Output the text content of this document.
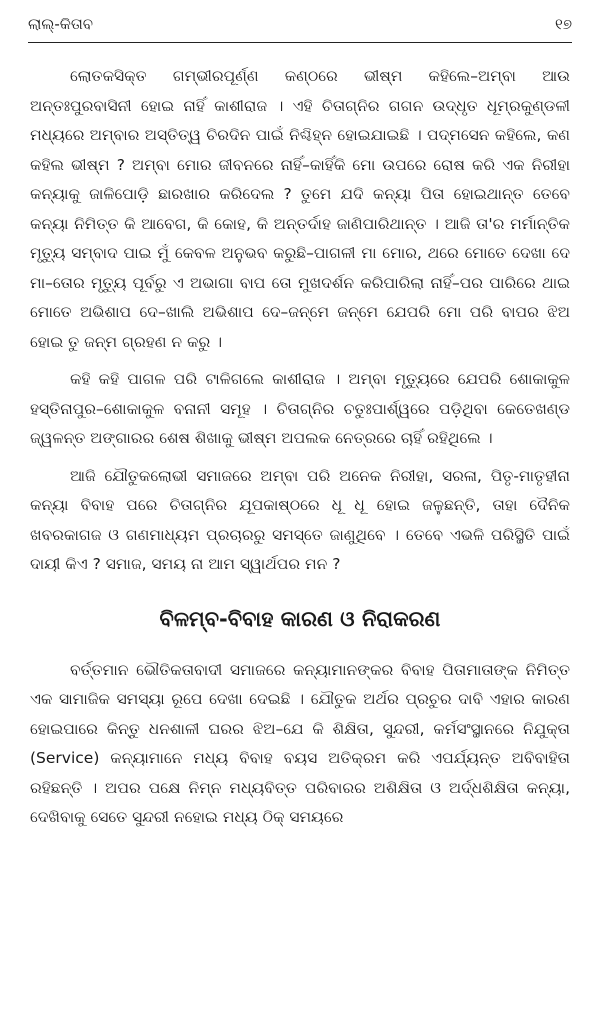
ଲାଲ୍-କିତାବ	୧୭

ଲୋତକସିକ୍ତ ଗମ୍ଭୀରପୂର୍ଣ୍ଣ କଣ୍ଠରେ ଭୀଷ୍ମ କହିଲେ–ଅମ୍ବା ଆଉ ଅନ୍ତଃପୁରବାସିନୀ ହୋଇ ନାହିଁ କାଶୀରାଜ । ଏହି ଚିତାଗ୍ନିର ଗଗନ ଉଦ୍ଧୃତ ଧୂମ୍ରକୁଣ୍ଡଳୀ ମଧ୍ୟରେ ଅମ୍ବାର ଅସ୍ତିତ୍ୱ ଚିରଦିନ ପାଇଁ ନିଶ୍ଚିହ୍ନ ହୋଇଯାଇଛି । ପଦ୍ମସେନ କହିଲେ, କଣ କହିଲ ଭୀଷ୍ମ ? ଅମ୍ବା ମୋର ଜୀବନରେ ନାହିଁ–କାହିଁକି ମୋ ଉପରେ ରୋଷ କରି ଏକ ନିରୀହା କନ୍ୟାକୁ ଜାଳିପୋଡ଼ି ଛାରଖାର କରିଦେଲ ? ତୁମେ ଯଦି କନ୍ୟା ପିତା ହୋଇଥାନ୍ତ ତେବେ କନ୍ୟା ନିମିତ୍ତ କି ଆବେଗ, କି କୋହ, କି ଅନ୍ତର୍ଦାହ ଜାଣିପାରିଥାନ୍ତ । ଆଜି ତା'ର ମର୍ମାନ୍ତିକ ମୃତ୍ୟୁ ସମ୍ବାଦ ପାଇ ମୁଁ କେବଳ ଅନୁଭବ କରୁଛି–ପାଗଳୀ ମା ମୋର, ଥରେ ମୋତେ ଦେଖା ଦେ ମା–ତୋର ମୃତ୍ୟୁ ପୂର୍ବରୁ ଏ ଅଭାଗା ବାପ ତୋ ମୁଖଦର୍ଶନ କରିପାରିଲା ନାହିଁ–ପର ପାରିରେ ଥାଇ ମୋତେ ଅଭିଶାପ ଦେ–ଖାଲି ଅଭିଶାପ ଦେ–ଜନ୍ମେ ଜନ୍ମେ ଯେପରି ମୋ ପରି ବାପର ଝିଅ ହୋଇ ତୁ ଜନ୍ମ ଗ୍ରହଣ ନ କରୁ ।

କହି କହି ପାଗଳ ପରି ଟାଳିଗଲେ କାଶୀରାଜ । ଅମ୍ବା ମୃତ୍ୟୁରେ ଯେପରି ଶୋକାକୁଳ ହସ୍ତିନାପୁର–ଶୋକାକୁଳ ବନାନୀ ସମୂହ । ଚିତାଗ୍ନିର ଚତୁଃପାର୍ଶ୍ୱରେ ପଡ଼ିଥିବା କେତେଖଣ୍ଡ ଜ୍ୱଳନ୍ତ ଅଙ୍ଗାରର ଶେଷ ଶିଖାକୁ ଭୀଷ୍ମ ଅପଲକ ନେତ୍ରରେ ଚାହିଁ ରହିଥିଲେ ।

ଆଜି ଯୌତୁକଲୋଭୀ ସମାଜରେ ଅମ୍ବା ପରି ଅନେକ ନିରୀହା, ସରଳା, ପିତୃ-ମାତୃହୀନା କନ୍ୟା ବିବାହ ପରେ ଚିତାଗ୍ନିର ଯୂପକାଷ୍ଠରେ ଧୂ ଧୂ ହୋଇ ଜଳୁଛନ୍ତି, ତାହା ଦୈନିକ ଖବରକାଗଜ ଓ ଗଣମାଧ୍ୟମ ପ୍ରଚାରରୁ ସମସ୍ତେ ଜାଣୁଥିବେ । ତେବେ ଏଭଳି ପରିସ୍ଥିତି ପାଇଁ ଦାୟୀ କିଏ ? ସମାଜ, ସମୟ ନା ଆମ ସ୍ୱାର୍ଥପର ମନ ?

ବିଳମ୍ବ-ବିବାହ କାରଣ ଓ ନିରାକରଣ

ବର୍ତ୍ତମାନ ଭୌତିକତାବାଦୀ ସମାଜରେ କନ୍ୟାମାନଙ୍କର ବିବାହ ପିତାମାତାଙ୍କ ନିମିତ୍ତ ଏକ ସାମାଜିକ ସମସ୍ୟା ରୂପେ ଦେଖା ଦେଇଛି । ଯୌତୁକ ଅର୍ଥର ପ୍ରଚୁର ଦାବି ଏହାର କାରଣ ହୋଇପାରେ କିନ୍ତୁ ଧନଶାଳୀ ଘରର ଝିଅ–ଯେ କି ଶିକ୍ଷିତା, ସୁନ୍ଦରୀ, କର୍ମସଂସ୍ଥାନରେ ନିଯୁକ୍ତା (Service) କନ୍ୟାମାନେ ମଧ୍ୟ ବିବାହ ବୟସ ଅତିକ୍ରମ କରି ଏପର୍ଯ୍ୟନ୍ତ ଅବିବାହିତା ରହିଛନ୍ତି । ଅପର ପକ୍ଷେ ନିମ୍ନ ମଧ୍ୟବିତ୍ତ ପରିବାରର ଅଶିକ୍ଷିତା ଓ ଅର୍ଦ୍ଧଶିକ୍ଷିତା କନ୍ୟା, ଦେଖିବାକୁ ସେତେ ସୁନ୍ଦରୀ ନହୋଇ ମଧ୍ୟ ଠିକ୍ ସମୟରେ
